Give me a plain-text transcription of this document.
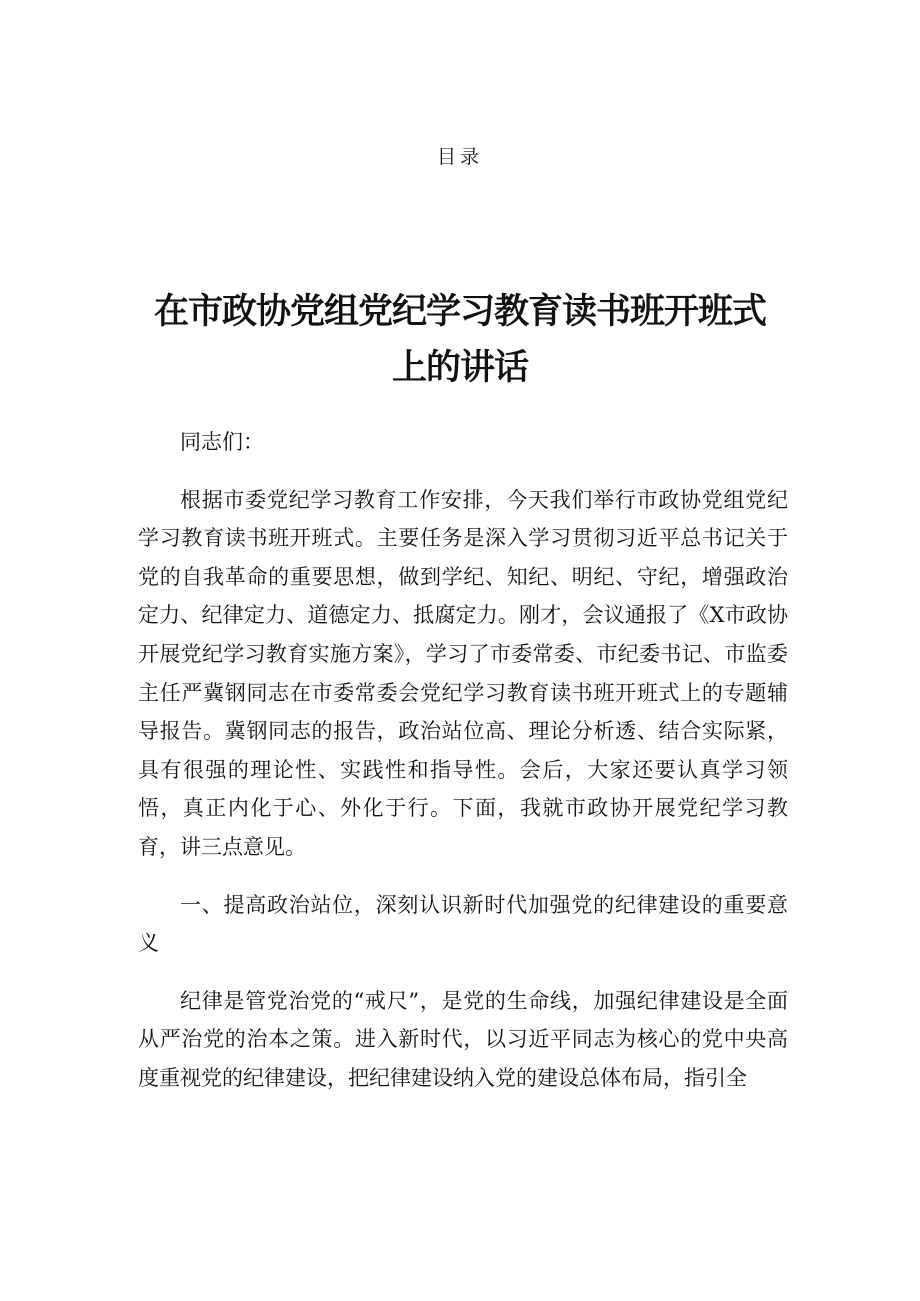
目录
在市政协党组党纪学习教育读书班开班式
上的讲话

同志们：

根据市委党纪学习教育工作安排，今天我们举行市政协党组党纪学习教育读书班开班式。主要任务是深入学习贯彻习近平总书记关于党的自我革命的重要思想，做到学纪、知纪、明纪、守纪，增强政治定力、纪律定力、道德定力、抵腐定力。刚才，会议通报了《X市政协开展党纪学习教育实施方案》，学习了市委常委、市纪委书记、市监委主任严冀钢同志在市委常委会党纪学习教育读书班开班式上的专题辅导报告。冀钢同志的报告，政治站位高、理论分析透、结合实际紧，具有很强的理论性、实践性和指导性。会后，大家还要认真学习领悟，真正内化于心、外化于行。下面，我就市政协开展党纪学习教育，讲三点意见。

一、提高政治站位，深刻认识新时代加强党的纪律建设的重要意义

纪律是管党治党的“戒尺”，是党的生命线，加强纪律建设是全面从严治党的治本之策。进入新时代，以习近平同志为核心的党中央高度重视党的纪律建设，把纪律建设纳入党的建设总体布局，指引全
